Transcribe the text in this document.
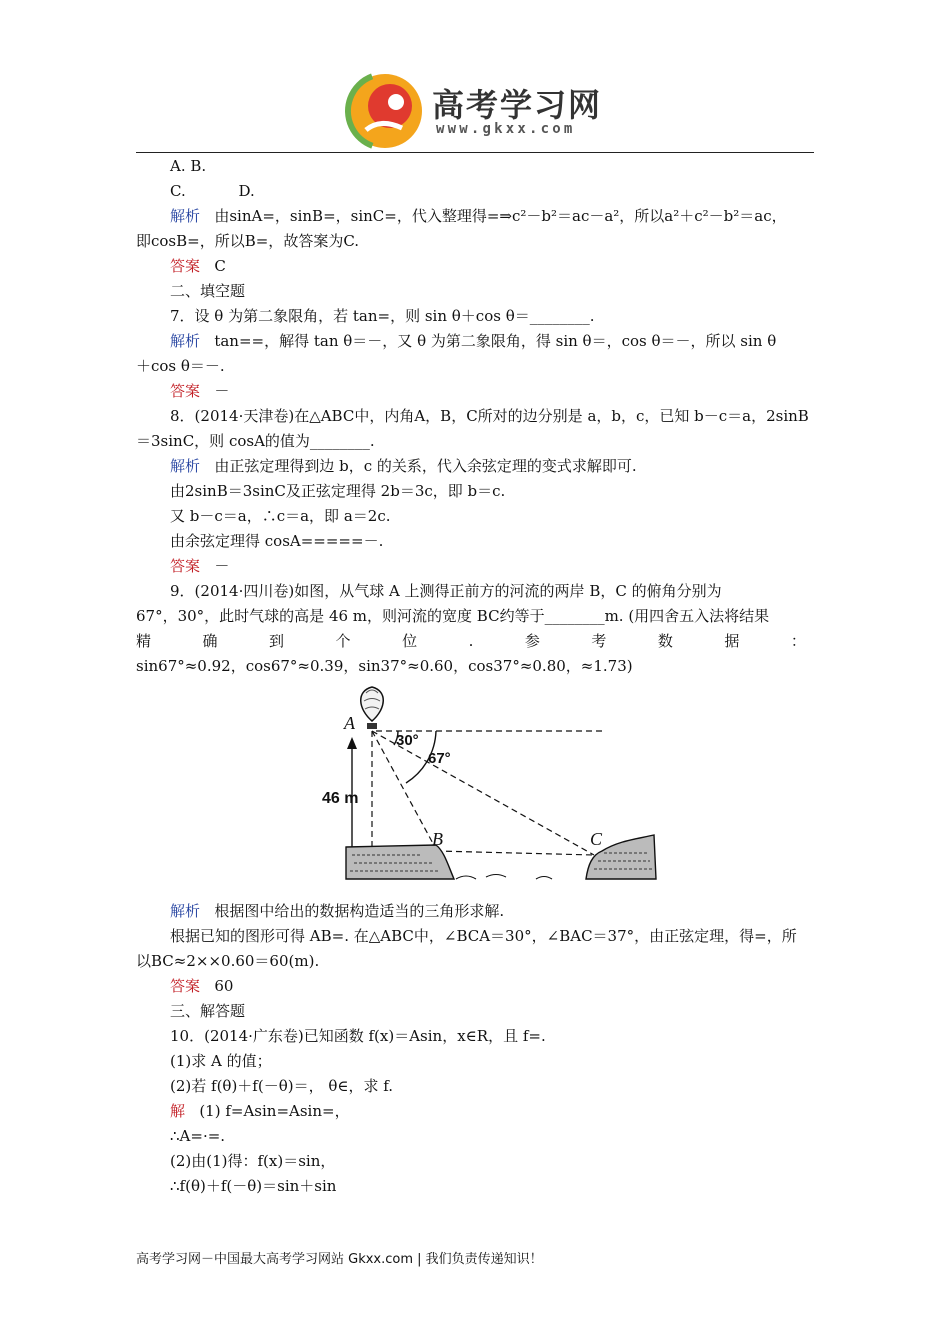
高考学习网
www.gkxx.com
A. B.
C.	D.
解析 由sinA=，sinB=，sinC=，代入整理得=⇒c²－b²＝ac－a²，所以a²＋c²－b²＝ac，
即cosB=，所以B=，故答案为C.
答案 C
二、填空题
7．设 θ 为第二象限角，若 tan=，则 sin θ＋cos θ＝________.
解析 tan==，解得 tan θ＝－，又 θ 为第二象限角，得 sin θ＝，cos θ＝－，所以 sin θ
＋cos θ＝－.
答案 －
8．(2014·天津卷)在△ABC中，内角A，B，C所对的边分别是 a，b，c，已知 b－c＝a，2sinB
＝3sinC，则 cosA的值为________.
解析 由正弦定理得到边 b，c 的关系，代入余弦定理的变式求解即可.
由2sinB＝3sinC及正弦定理得 2b＝3c，即 b＝c.
又 b－c＝a，∴c＝a，即 a＝2c.
由余弦定理得 cosA=====－.
答案 －
9．(2014·四川卷)如图，从气球 A 上测得正前方的河流的两岸 B，C 的俯角分别为
67°，30°，此时气球的高是 46 m，则河流的宽度 BC约等于________m. (用四舍五入法将结果
精	确	到	个	位	.	参	考	数	据	：
sin67°≈0.92，cos67°≈0.39，sin37°≈0.60，cos37°≈0.80，≈1.73)
A
B	C
30°
67°
46 m
解析 根据图中给出的数据构造适当的三角形求解.
根据已知的图形可得 AB=. 在△ABC中，∠BCA＝30°，∠BAC＝37°，由正弦定理，得=，所
以BC≈2××0.60＝60(m).
答案 60
三、解答题
10．(2014·广东卷)已知函数 f(x)＝Asin，x∈R，且 f=.
(1)求 A 的值；
(2)若 f(θ)＋f(－θ)＝， θ∈，求 f.
解 (1) f=Asin=Asin=，
∴A=·=.
(2)由(1)得：f(x)＝sin，
∴f(θ)＋f(－θ)＝sin＋sin
高考学习网－中国最大高考学习网站 Gkxx.com | 我们负责传递知识！
